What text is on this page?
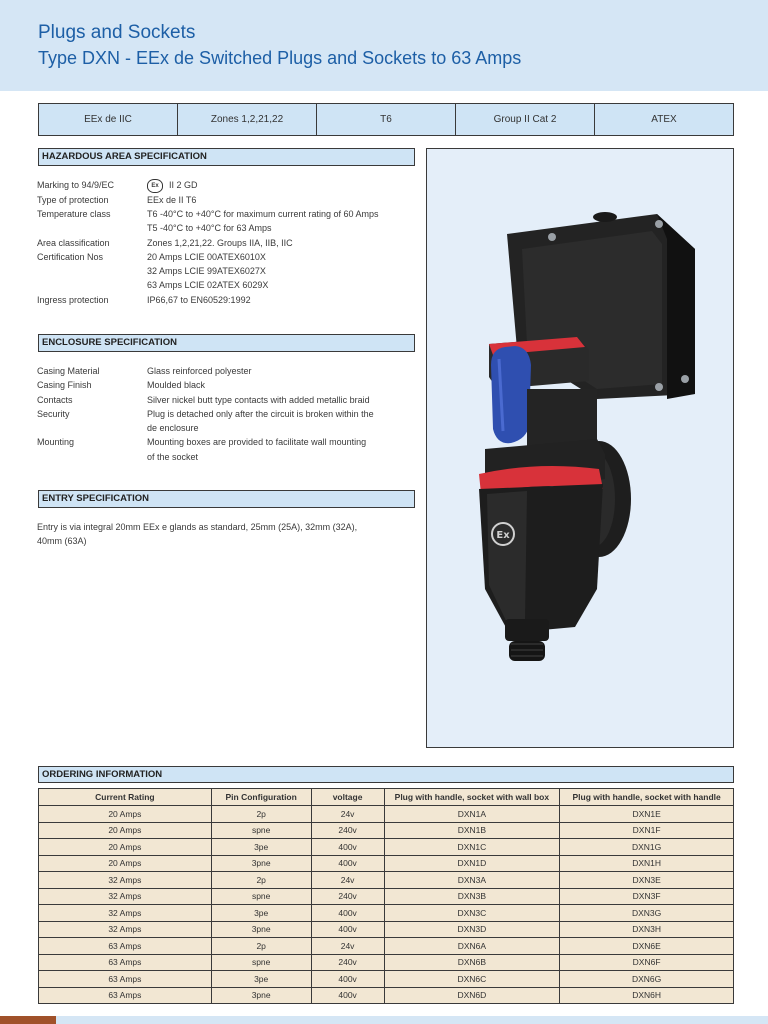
Plugs and Sockets
Type DXN - EEx de Switched Plugs and Sockets to 63 Amps
EEx de IIC	Zones 1,2,21,22	T6	Group II Cat 2	ATEX
HAZARDOUS AREA SPECIFICATION
Marking to 94/9/EC	Ex II 2 GD
Type of protection	EEx de II T6
Temperature class	T6 -40°C to +40°C for maximum current rating of 60 Amps
T5 -40°C to +40°C for 63 Amps
Area classification	Zones 1,2,21,22. Groups IIA, IIB, IIC
Certification Nos	20 Amps LCIE 00ATEX6010X
32 Amps LCIE 99ATEX6027X
63 Amps LCIE 02ATEX 6029X
Ingress protection	IP66,67 to EN60529:1992
ENCLOSURE SPECIFICATION
Casing Material	Glass reinforced polyester
Casing Finish	Moulded black
Contacts	Silver nickel butt type contacts with added metallic braid
Security	Plug is detached only after the circuit is broken within the
de enclosure
Mounting	Mounting boxes are provided to facilitate wall mounting
of the socket
ENTRY SPECIFICATION
Entry is via integral 20mm EEx e glands as standard, 25mm (25A), 32mm (32A),
40mm (63A)
Ex
ORDERING INFORMATION
Current Rating	Pin Configuration	voltage	Plug with handle, socket with wall box	Plug with handle, socket with handle
20 Amps	2p	24v	DXN1A	DXN1E
20 Amps	spne	240v	DXN1B	DXN1F
20 Amps	3pe	400v	DXN1C	DXN1G
20 Amps	3pne	400v	DXN1D	DXN1H
32 Amps	2p	24v	DXN3A	DXN3E
32 Amps	spne	240v	DXN3B	DXN3F
32 Amps	3pe	400v	DXN3C	DXN3G
32 Amps	3pne	400v	DXN3D	DXN3H
63 Amps	2p	24v	DXN6A	DXN6E
63 Amps	spne	240v	DXN6B	DXN6F
63 Amps	3pe	400v	DXN6C	DXN6G
63 Amps	3pne	400v	DXN6D	DXN6H
